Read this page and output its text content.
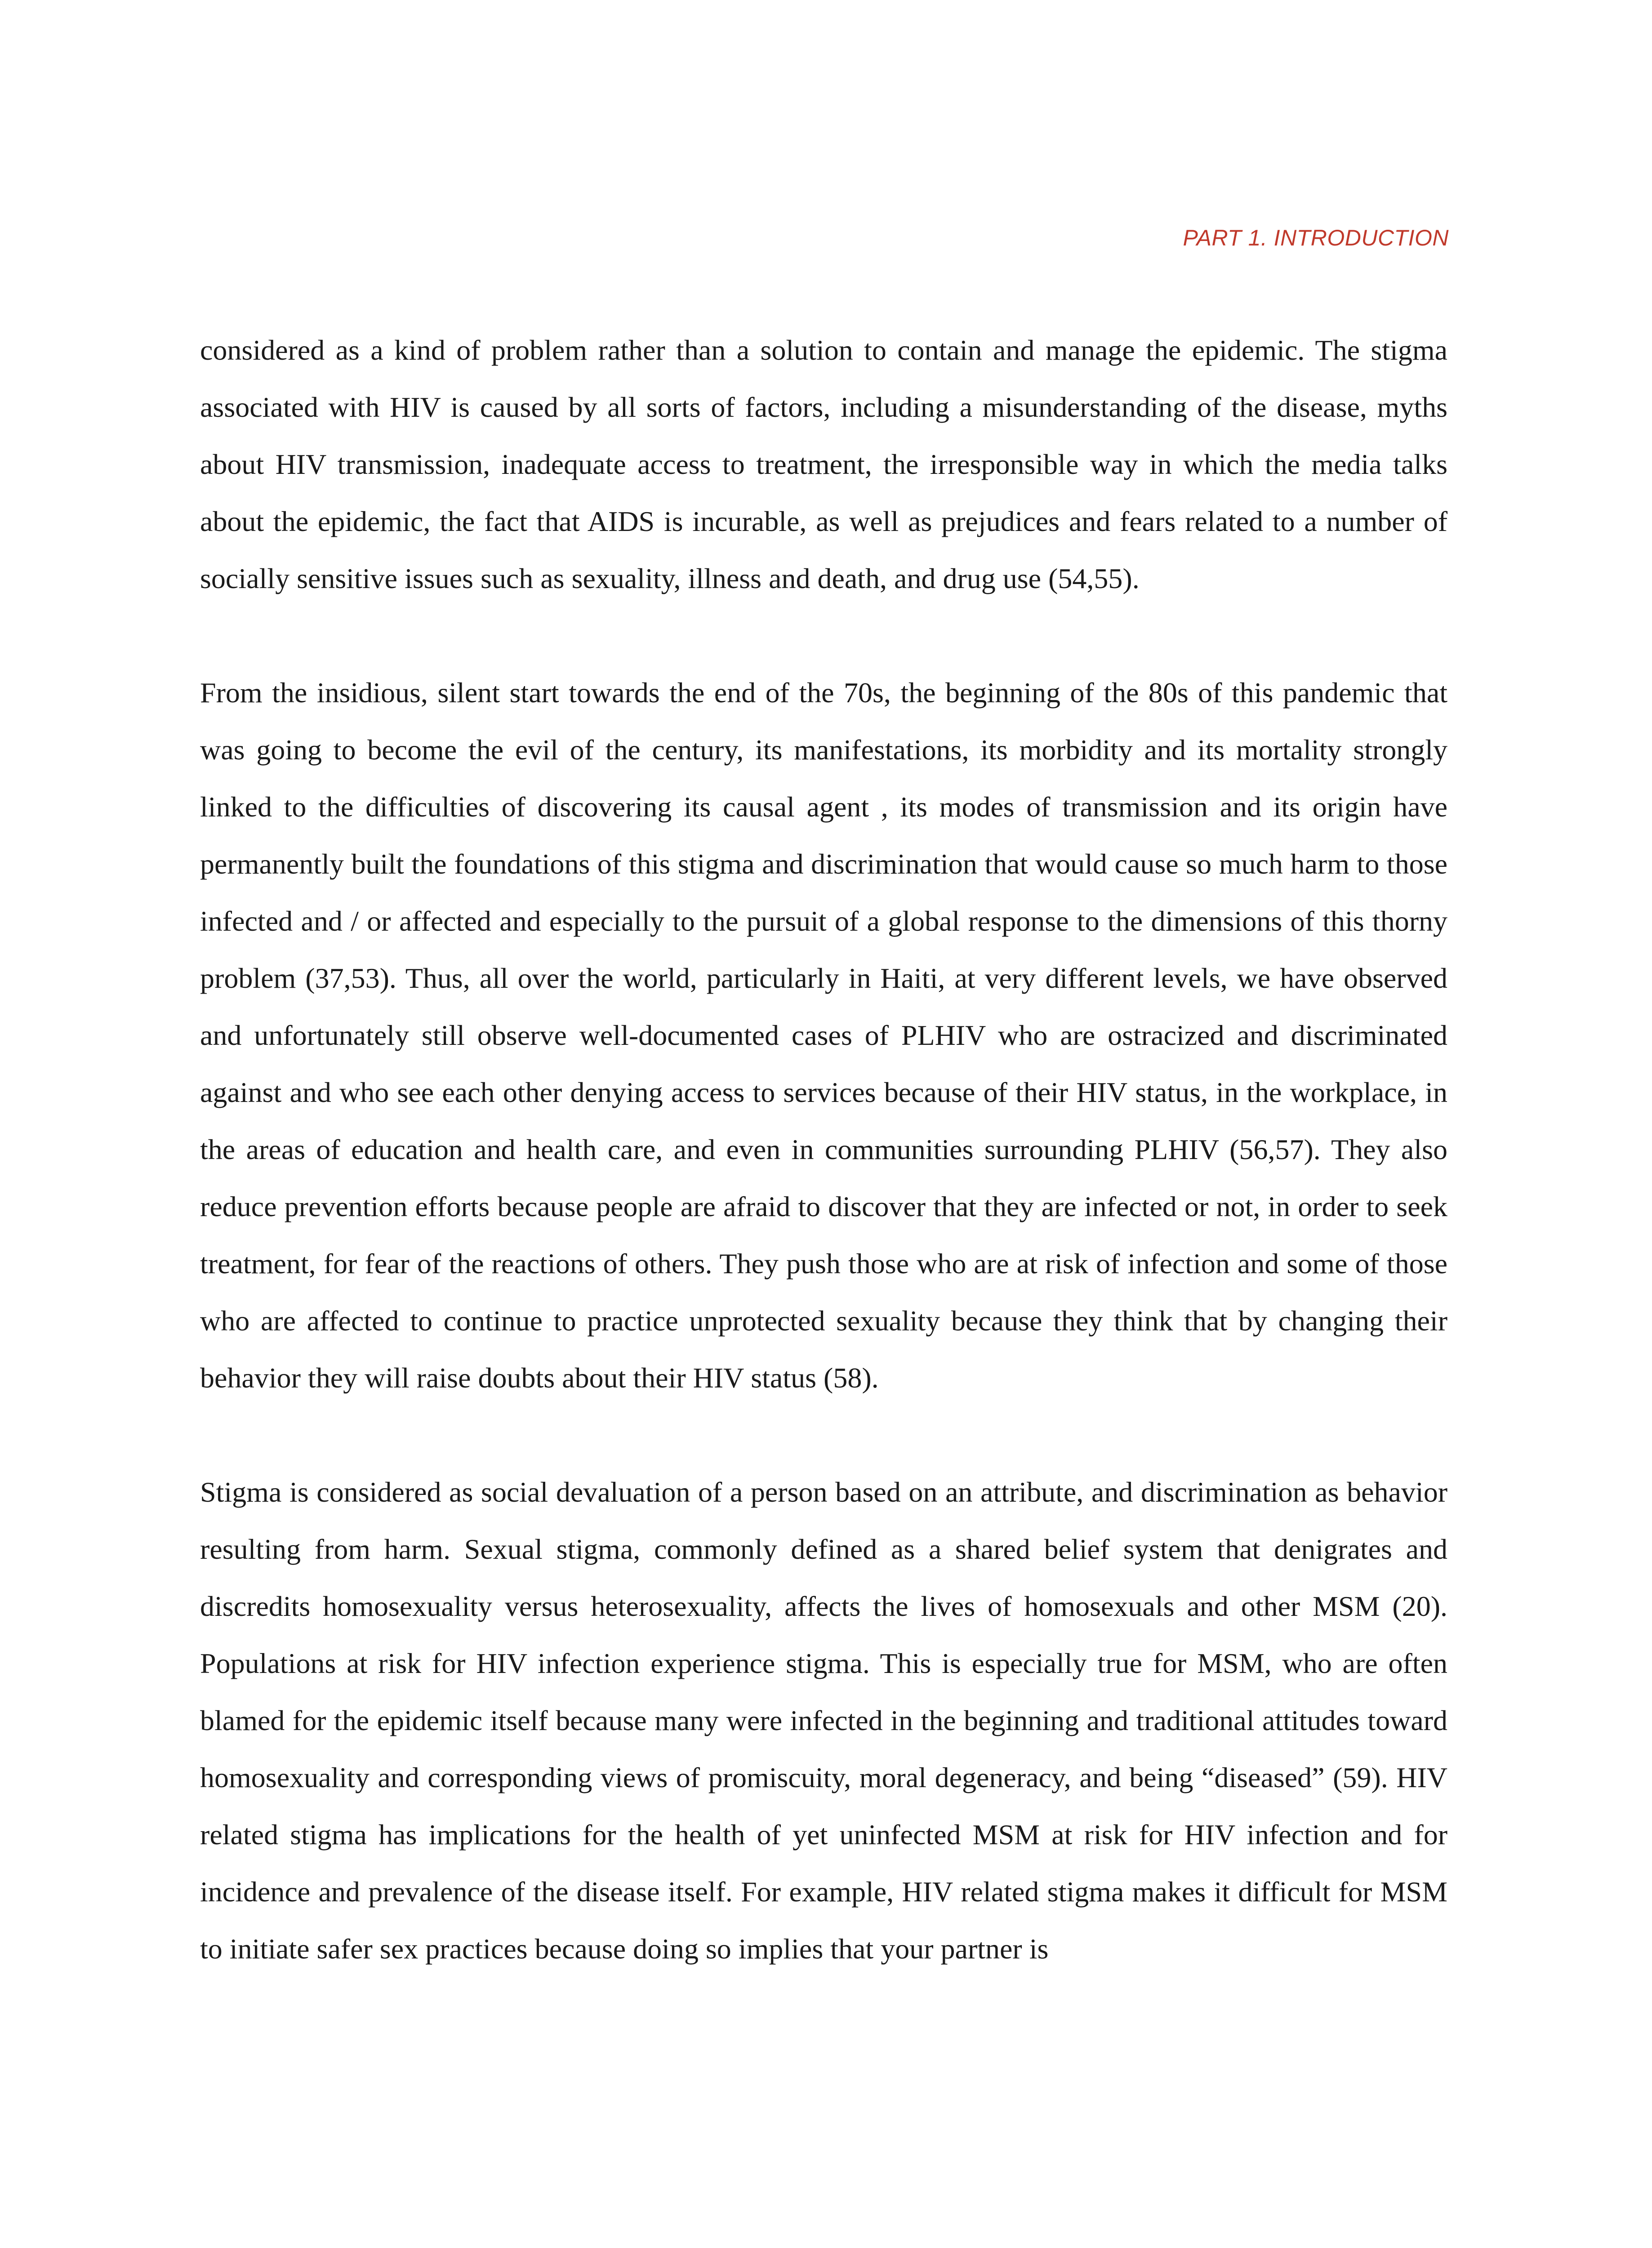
PART 1. INTRODUCTION

considered as a kind of problem rather than a solution to contain and manage the epidemic. The stigma associated with HIV is caused by all sorts of factors, including a misunderstanding of the disease, myths about HIV transmission, inadequate access to treatment, the irresponsible way in which the media talks about the epidemic, the fact that AIDS is incurable, as well as prejudices and fears related to a number of socially sensitive issues such as sexuality, illness and death, and drug use (54,55).

From the insidious, silent start towards the end of the 70s, the beginning of the 80s of this pandemic that was going to become the evil of the century, its manifestations, its morbidity and its mortality strongly linked to the difficulties of discovering its causal agent , its modes of transmission and its origin have permanently built the foundations of this stigma and discrimination that would cause so much harm to those infected and / or affected and especially to the pursuit of a global response to the dimensions of this thorny problem (37,53). Thus, all over the world, particularly in Haiti, at very different levels, we have observed and unfortunately still observe well-documented cases of PLHIV who are ostracized and discriminated against and who see each other denying access to services because of their HIV status, in the workplace, in the areas of education and health care, and even in communities surrounding PLHIV (56,57). They also reduce prevention efforts because people are afraid to discover that they are infected or not, in order to seek treatment, for fear of the reactions of others. They push those who are at risk of infection and some of those who are affected to continue to practice unprotected sexuality because they think that by changing their behavior they will raise doubts about their HIV status (58).

Stigma is considered as social devaluation of a person based on an attribute, and discrimination as behavior resulting from harm. Sexual stigma, commonly defined as a shared belief system that denigrates and discredits homosexuality versus heterosexuality, affects the lives of homosexuals and other MSM (20). Populations at risk for HIV infection experience stigma. This is especially true for MSM, who are often blamed for the epidemic itself because many were infected in the beginning and traditional attitudes toward homosexuality and corresponding views of promiscuity, moral degeneracy, and being “diseased” (59). HIV related stigma has implications for the health of yet uninfected MSM at risk for HIV infection and for incidence and prevalence of the disease itself. For example, HIV related stigma makes it difficult for MSM to initiate safer sex practices because doing so implies that your partner is
